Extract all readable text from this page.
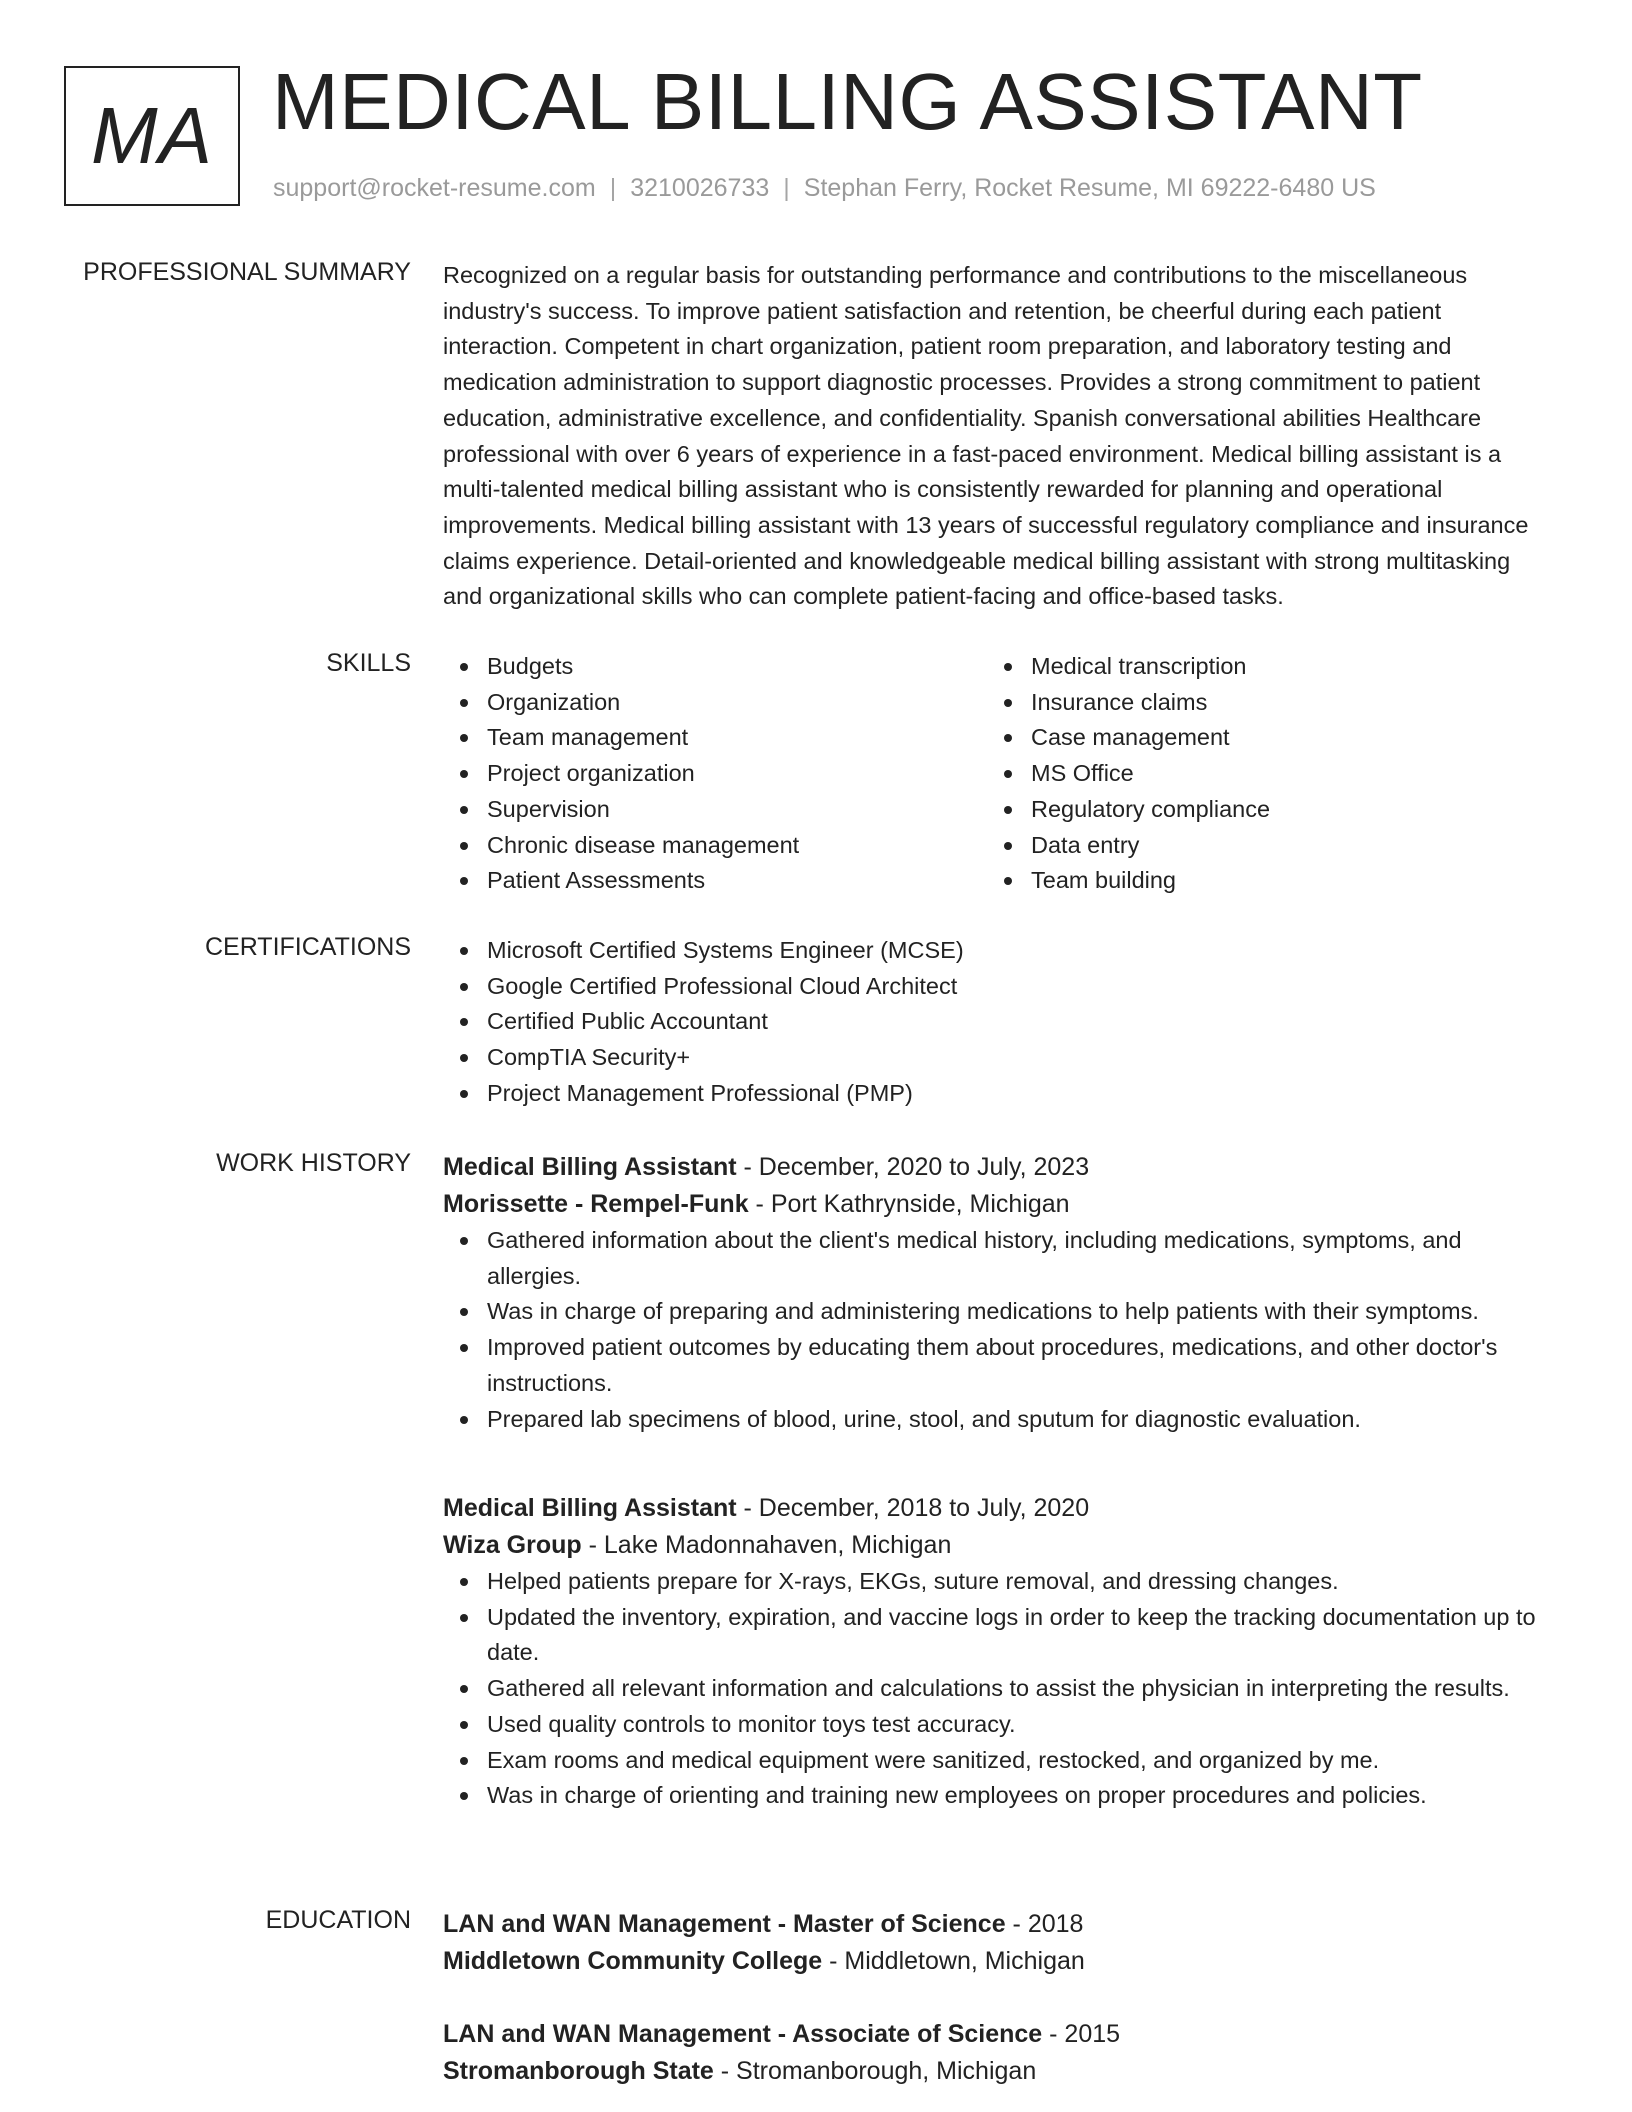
MA MEDICAL BILLING ASSISTANT
support@rocket-resume.com | 3210026733 | Stephan Ferry, Rocket Resume, MI 69222-6480 US
PROFESSIONAL SUMMARY Recognized on a regular basis for outstanding performance and contributions to the miscellaneous industry's success. To improve patient satisfaction and retention, be cheerful during each patient interaction. Competent in chart organization, patient room preparation, and laboratory testing and medication administration to support diagnostic processes. Provides a strong commitment to patient education, administrative excellence, and confidentiality. Spanish conversational abilities Healthcare professional with over 6 years of experience in a fast-paced environment. Medical billing assistant is a multi-talented medical billing assistant who is consistently rewarded for planning and operational improvements. Medical billing assistant with 13 years of successful regulatory compliance and insurance claims experience. Detail-oriented and knowledgeable medical billing assistant with strong multitasking and organizational skills who can complete patient-facing and office-based tasks.
SKILLS	Budgets
Organization
Team management
Project organization
Supervision
Chronic disease management
Patient Assessments
Medical transcription
Insurance claims
Case management
MS Office
Regulatory compliance
Data entry
Team building
CERTIFICATIONS	Microsoft Certified Systems Engineer (MCSE)
Google Certified Professional Cloud Architect
Certified Public Accountant
CompTIA Security+
Project Management Professional (PMP)
WORK HISTORY Medical Billing Assistant - December, 2020 to July, 2023
Morissette - Rempel-Funk - Port Kathrynside, Michigan
Gathered information about the client's medical history, including medications, symptoms, and allergies.
Was in charge of preparing and administering medications to help patients with their symptoms.
Improved patient outcomes by educating them about procedures, medications, and other doctor's instructions.
Prepared lab specimens of blood, urine, stool, and sputum for diagnostic evaluation.
Medical Billing Assistant - December, 2018 to July, 2020
Wiza Group - Lake Madonnahaven, Michigan
Helped patients prepare for X-rays, EKGs, suture removal, and dressing changes.
Updated the inventory, expiration, and vaccine logs in order to keep the tracking documentation up to date.
Gathered all relevant information and calculations to assist the physician in interpreting the results.
Used quality controls to monitor toys test accuracy.
Exam rooms and medical equipment were sanitized, restocked, and organized by me.
Was in charge of orienting and training new employees on proper procedures and policies.
EDUCATION LAN and WAN Management - Master of Science - 2018
Middletown Community College - Middletown, Michigan
LAN and WAN Management - Associate of Science - 2015
Stromanborough State - Stromanborough, Michigan
